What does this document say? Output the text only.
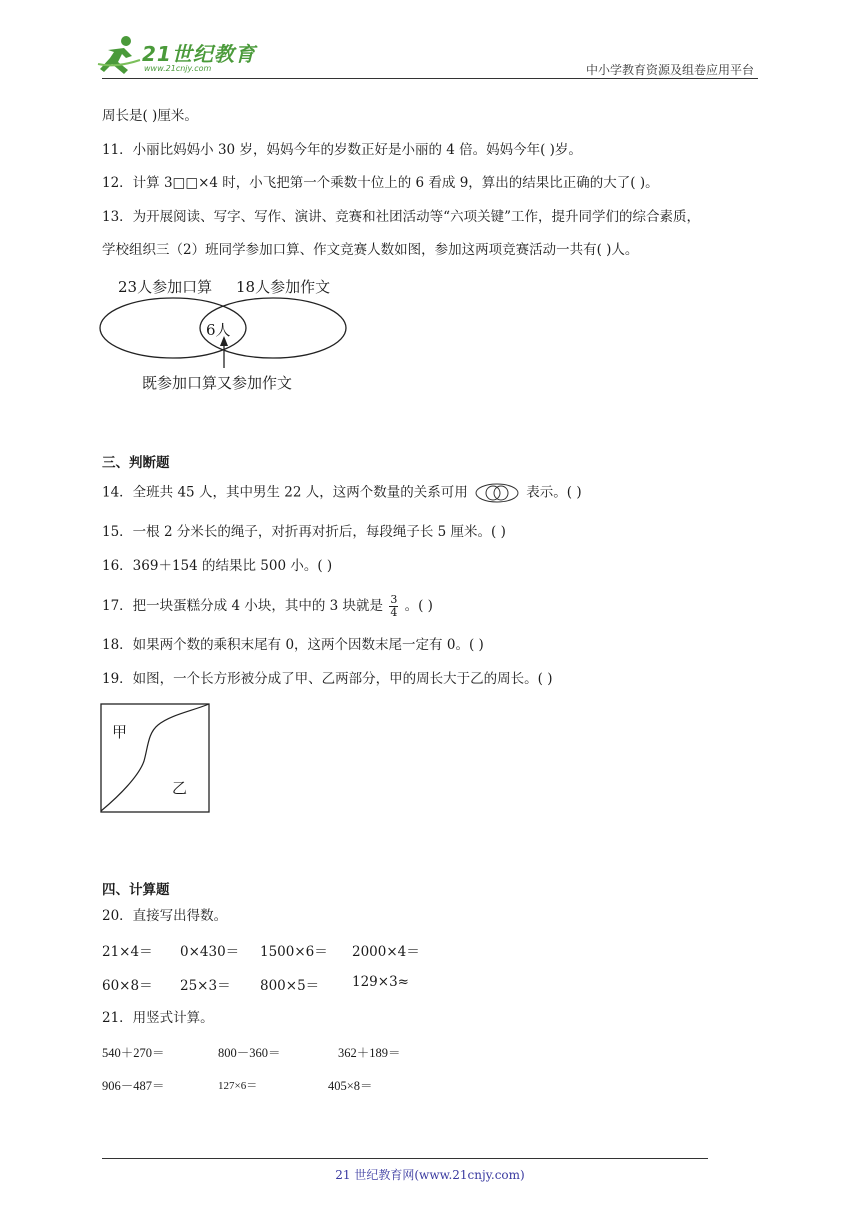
21世纪教育
www.21cnjy.com	中小学教育资源及组卷应用平台
周长是( )厘米。
11．小丽比妈妈小 30 岁，妈妈今年的岁数正好是小丽的 4 倍。妈妈今年( )岁。
12．计算 3□□×4 时，小飞把第一个乘数十位上的 6 看成 9，算出的结果比正确的大了( )。
13．为开展阅读、写字、写作、演讲、竞赛和社团活动等“六项关键”工作，提升同学们的综合素质，
学校组织三（2）班同学参加口算、作文竞赛人数如图，参加这两项竞赛活动一共有( )人。
23人参加口算 18人参加作文
6人
既参加口算又参加作文
三、判断题
14．全班共 45 人，其中男生 22 人，这两个数量的关系可用	表示。( )
15．一根 2 分米长的绳子，对折再对折后，每段绳子长 5 厘米。( )
16．369＋154 的结果比 500 小。( )
17．把一块蛋糕分成 4 小块，其中的 3 块就是 $\frac{3}{4}$ 。( )
18．如果两个数的乘积末尾有 0，这两个因数末尾一定有 0。( )
19．如图，一个长方形被分成了甲、乙两部分，甲的周长大于乙的周长。( )
甲
乙
四、计算题
20．直接写出得数。
21×4＝ 0×430＝ 1500×6＝ 2000×4＝
60×8＝ 25×3＝ 800×5＝ 129×3≈
21．用竖式计算。
540＋270＝	800－360＝	362＋189＝
906－487＝	127×6＝	405×8＝
21 世纪教育网(www.21cnjy.com)
